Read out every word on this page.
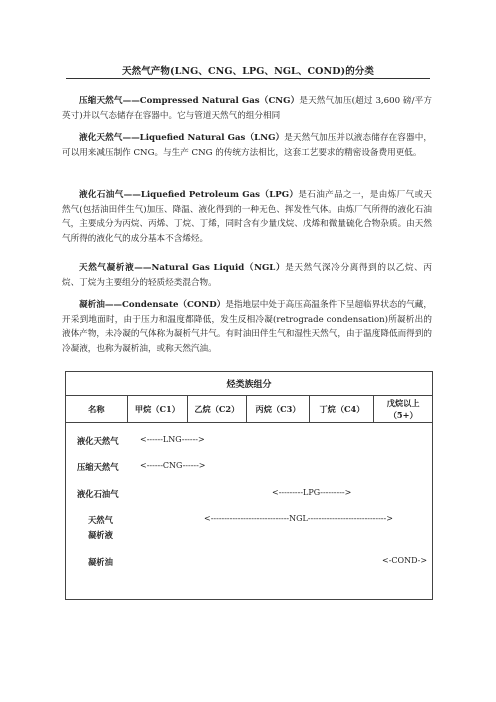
天然气产物(LNG、CNG、LPG、NGL、COND)的分类

压缩天然气——Compressed Natural Gas（CNG）是天然气加压(超过 3,600 磅/平方英寸)并以气态储存在容器中。它与管道天然气的组分相同

液化天然气——Liquefied Natural Gas（LNG）是天然气加压并以液态储存在容器中，可以用来减压制作 CNG。与生产 CNG 的传统方法相比，这套工艺要求的精密设备费用更低。

液化石油气——Liquefied Petroleum Gas（LPG）是石油产品之一，是由炼厂气或天然气(包括油田伴生气)加压、降温、液化得到的一种无色、挥发性气体。由炼厂气所得的液化石油气，主要成分为丙烷、丙烯、丁烷、丁烯，同时含有少量戊烷、戊烯和微量硫化合物杂质。由天然气所得的液化气的成分基本不含烯烃。

天然气凝析液——Natural Gas Liquid（NGL）是天然气深冷分离得到的以乙烷、丙烷、丁烷为主要组分的轻质烃类混合物。

凝析油——Condensate（COND）是指地层中处于高压高温条件下呈超临界状态的气藏，开采到地面时，由于压力和温度都降低，发生反相冷凝(retrograde condensation)所凝析出的液体产物，未冷凝的气体称为凝析气井气。有时油田伴生气和湿性天然气，由于温度降低而得到的冷凝液，也称为凝析油，或称天然汽油。

烃类族组分
名称	甲烷（C1）	乙烷（C2）	丙烷（C3）	丁烷（C4）	戊烷以上（5+）

液化天然气	<------LNG------>
压缩天然气	<------CNG------>
液化石油气	<---------LPG--------->
天然气	<-----------------------------NGL----------------------------->
凝析液
凝析油	<-COND->
